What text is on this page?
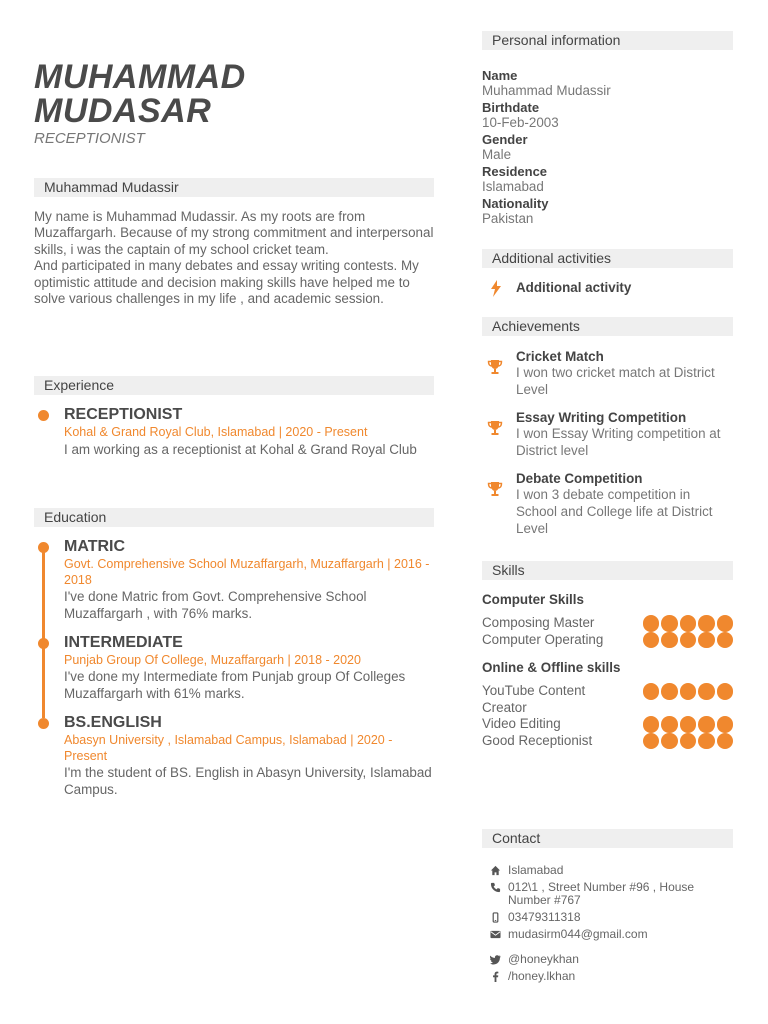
MUHAMMAD
MUDASAR
RECEPTIONIST
Muhammad Mudassir
My name is Muhammad Mudassir. As my roots are from Muzaffargarh. Because of my strong commitment and interpersonal skills, i was the captain of my school cricket team.
And participated in many debates and essay writing contests. My optimistic attitude and decision making skills have helped me to solve various challenges in my life , and academic session.
Experience
RECEPTIONIST
Kohal & Grand Royal Club, Islamabad | 2020 - Present
I am working as a receptionist at Kohal & Grand Royal Club
Education
MATRIC
Govt. Comprehensive School Muzaffargarh, Muzaffargarh | 2016 - 2018
I've done Matric from Govt. Comprehensive School Muzaffargarh , with 76% marks.
INTERMEDIATE
Punjab Group Of College, Muzaffargarh | 2018 - 2020
I've done my Intermediate from Punjab group Of Colleges Muzaffargarh with 61% marks.
BS.ENGLISH
Abasyn University , Islamabad Campus, Islamabad | 2020 - Present
I'm the student of BS. English in Abasyn University, Islamabad Campus.
Personal information
Name
Muhammad Mudassir
Birthdate
10-Feb-2003
Gender
Male
Residence
Islamabad
Nationality
Pakistan
Additional activities
Additional activity
Achievements
Cricket Match
I won two cricket match at District Level
Essay Writing Competition
I won Essay Writing competition at District level
Debate Competition
I won 3 debate competition in School and College life at District Level
Skills
Computer Skills
Composing Master
Computer Operating
Online & Offline skills
YouTube Content Creator
Video Editing
Good Receptionist
Contact
Islamabad
012\1 , Street Number #96 , House Number #767
03479311318
mudasirm044@gmail.com
@honeykhan
/honey.lkhan
